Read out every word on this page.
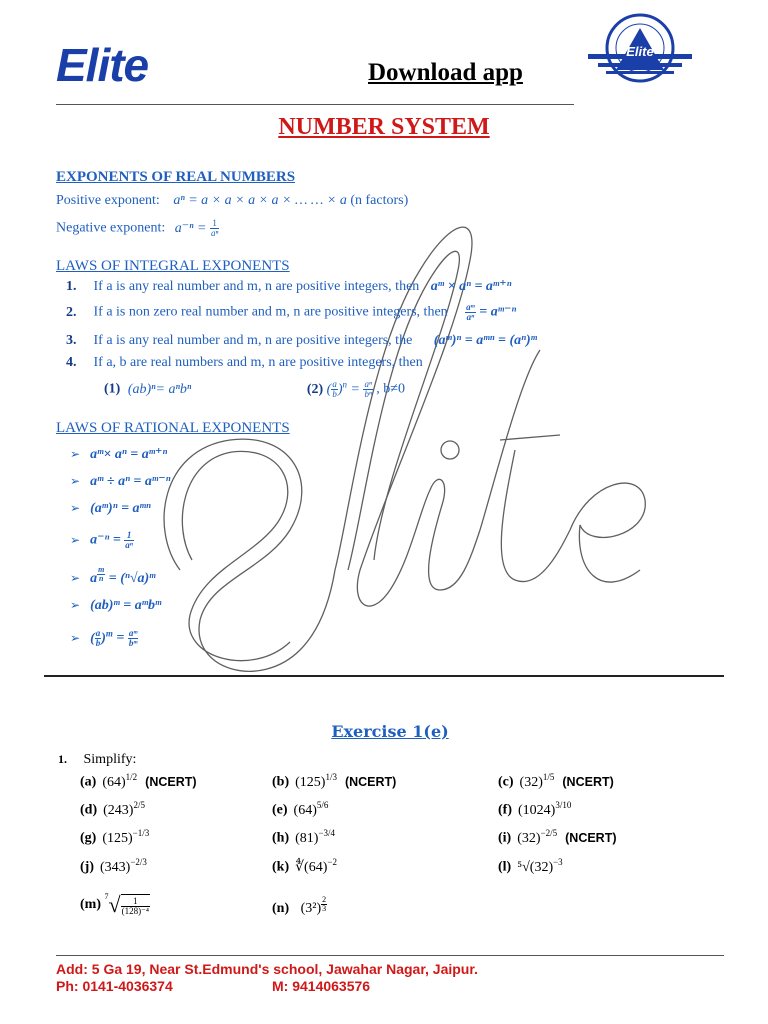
Elite	Download app
Elite
NUMBER SYSTEM
EXPONENTS OF REAL NUMBERS
Positive exponent: aⁿ = a × a × a × a × … … × a (n factors)
Negative exponent: $a^{-n} = \frac{1}{\text{aⁿ}}$
LAWS OF INTEGRAL EXPONENTS
1. If a is any real number and m, n are positive integers, then aᵐ × aⁿ = aᵐ⁺ⁿ
2. If a is non zero real number and m, n are positive integers, then $\frac{\text{aᵐ}}{\text{aⁿ}}$ = aᵐ⁻ⁿ
3. If a is any real number and m, n are positive integers, the (aᵐ)ⁿ = aᵐⁿ = (aⁿ)ᵐ
4. If a, b are real numbers and m, n are positive integers, then
(1) (ab)ⁿ= aⁿbⁿ	(2) ( $\frac{a}{b} )^n = \frac{\text{aⁿ}}{\text{bⁿ}}$ , b≠0
LAWS OF RATIONAL EXPONENTS
➢ aᵐ× aⁿ = aᵐ⁺ⁿ
➢ aᵐ ÷ aⁿ = aᵐ⁻ⁿ
➢ (aᵐ)ⁿ = aᵐⁿ
➢ $a^{-n} = \frac{1}{\text{aⁿ}}$
➢ a $^{\frac{m}{n}}$ = (ⁿ√a)ᵐ
➢ (ab)ᵐ = aᵐbᵐ
➢ ( $\frac{a}{b} )^m = \frac{\text{aᵐ}}{\text{bᵐ}}$
Exercise 1(e)
1. Simplify:
(a) $(64)^{1/2}$ (NCERT)	(b) $(125)^{1/3}$ (NCERT)	(c) $(32)^{1/5}$ (NCERT)
(d) $(243)^{2/5}$	(e) $(64)^{5/6}$	(f) $(1024)^{3/10}$
(g) $(125)^{-1/3}$	(h) $(81)^{-3/4}$	(i) $(32)^{-2/5}$ (NCERT)
(j) $(343)^{-2/3}$	(k) $∜(64)^{-2}$	(l) $^5√(32)^{-3}$
(m) $^7√ \frac{1}{\text{(128)⁻⁴}}$	(n) (3²) $^{\frac{2}{3}}$
Add: 5 Ga 19, Near St.Edmund's school, Jawahar Nagar, Jaipur.
Ph: 0141-4036374	M: 9414063576
